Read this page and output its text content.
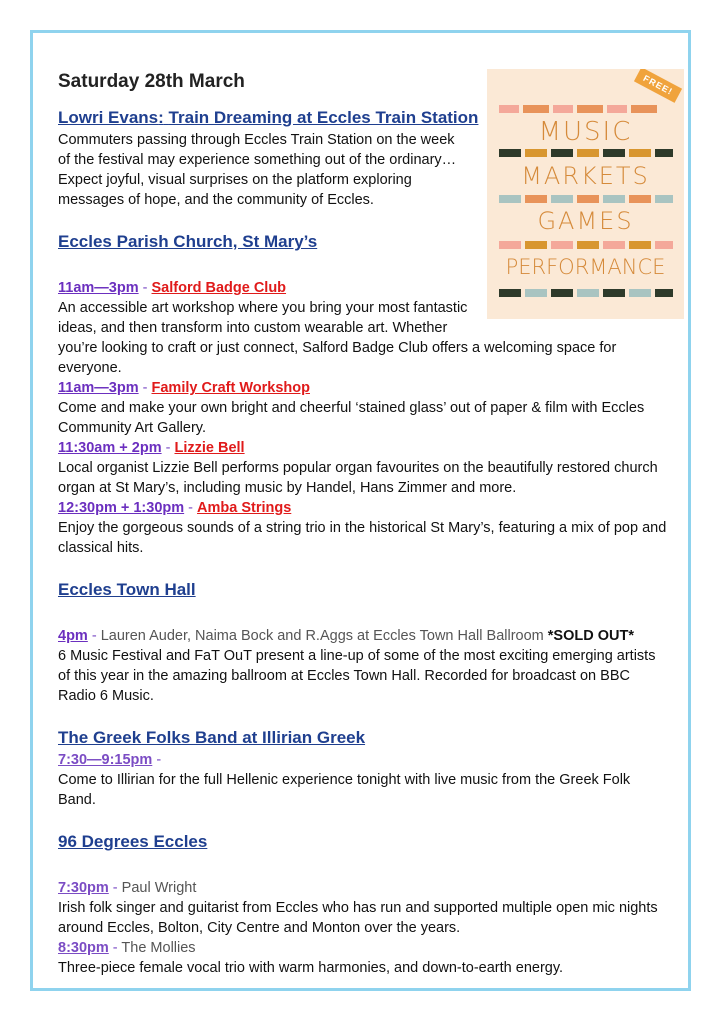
FREE!
MUSIC
MARKETS
GAMES
PERFORMANCE
Saturday 28th March
Lowri Evans: Train Dreaming at Eccles Train Station

Commuters passing through Eccles Train Station on the week of the festival may experience something out of the ordinary… Expect joyful, visual surprises on the platform exploring messages of hope, and the community of Eccles.

Eccles Parish Church, St Mary’s

11am—3pm - Salford Badge Club

An accessible art workshop where you bring your most fantastic ideas, and then transform into custom wearable art. Whether

you’re looking to craft or just connect, Salford Badge Club offers a welcoming space for everyone.

11am—3pm - Family Craft Workshop

Come and make your own bright and cheerful ‘stained glass’ out of paper & film with Eccles Community Art Gallery.

11:30am + 2pm - Lizzie Bell

Local organist Lizzie Bell performs popular organ favourites on the beautifully restored church organ at St Mary’s, including music by Handel, Hans Zimmer and more.

12:30pm + 1:30pm - Amba Strings

Enjoy the gorgeous sounds of a string trio in the historical St Mary’s, featuring a mix of pop and classical hits.

Eccles Town Hall

4pm - Lauren Auder, Naima Bock and R.Aggs at Eccles Town Hall Ballroom *SOLD OUT*

6 Music Festival and FaT OuT present a line-up of some of the most exciting emerging artists of this year in the amazing ballroom at Eccles Town Hall. Recorded for broadcast on BBC Radio 6 Music.

The Greek Folks Band at Illirian Greek

7:30—9:15pm -

Come to Illirian for the full Hellenic experience tonight with live music from the Greek Folk Band.

96 Degrees Eccles

7:30pm - Paul Wright

Irish folk singer and guitarist from Eccles who has run and supported multiple open mic nights around Eccles, Bolton, City Centre and Monton over the years.

8:30pm - The Mollies

Three-piece female vocal trio with warm harmonies, and down-to-earth energy.
